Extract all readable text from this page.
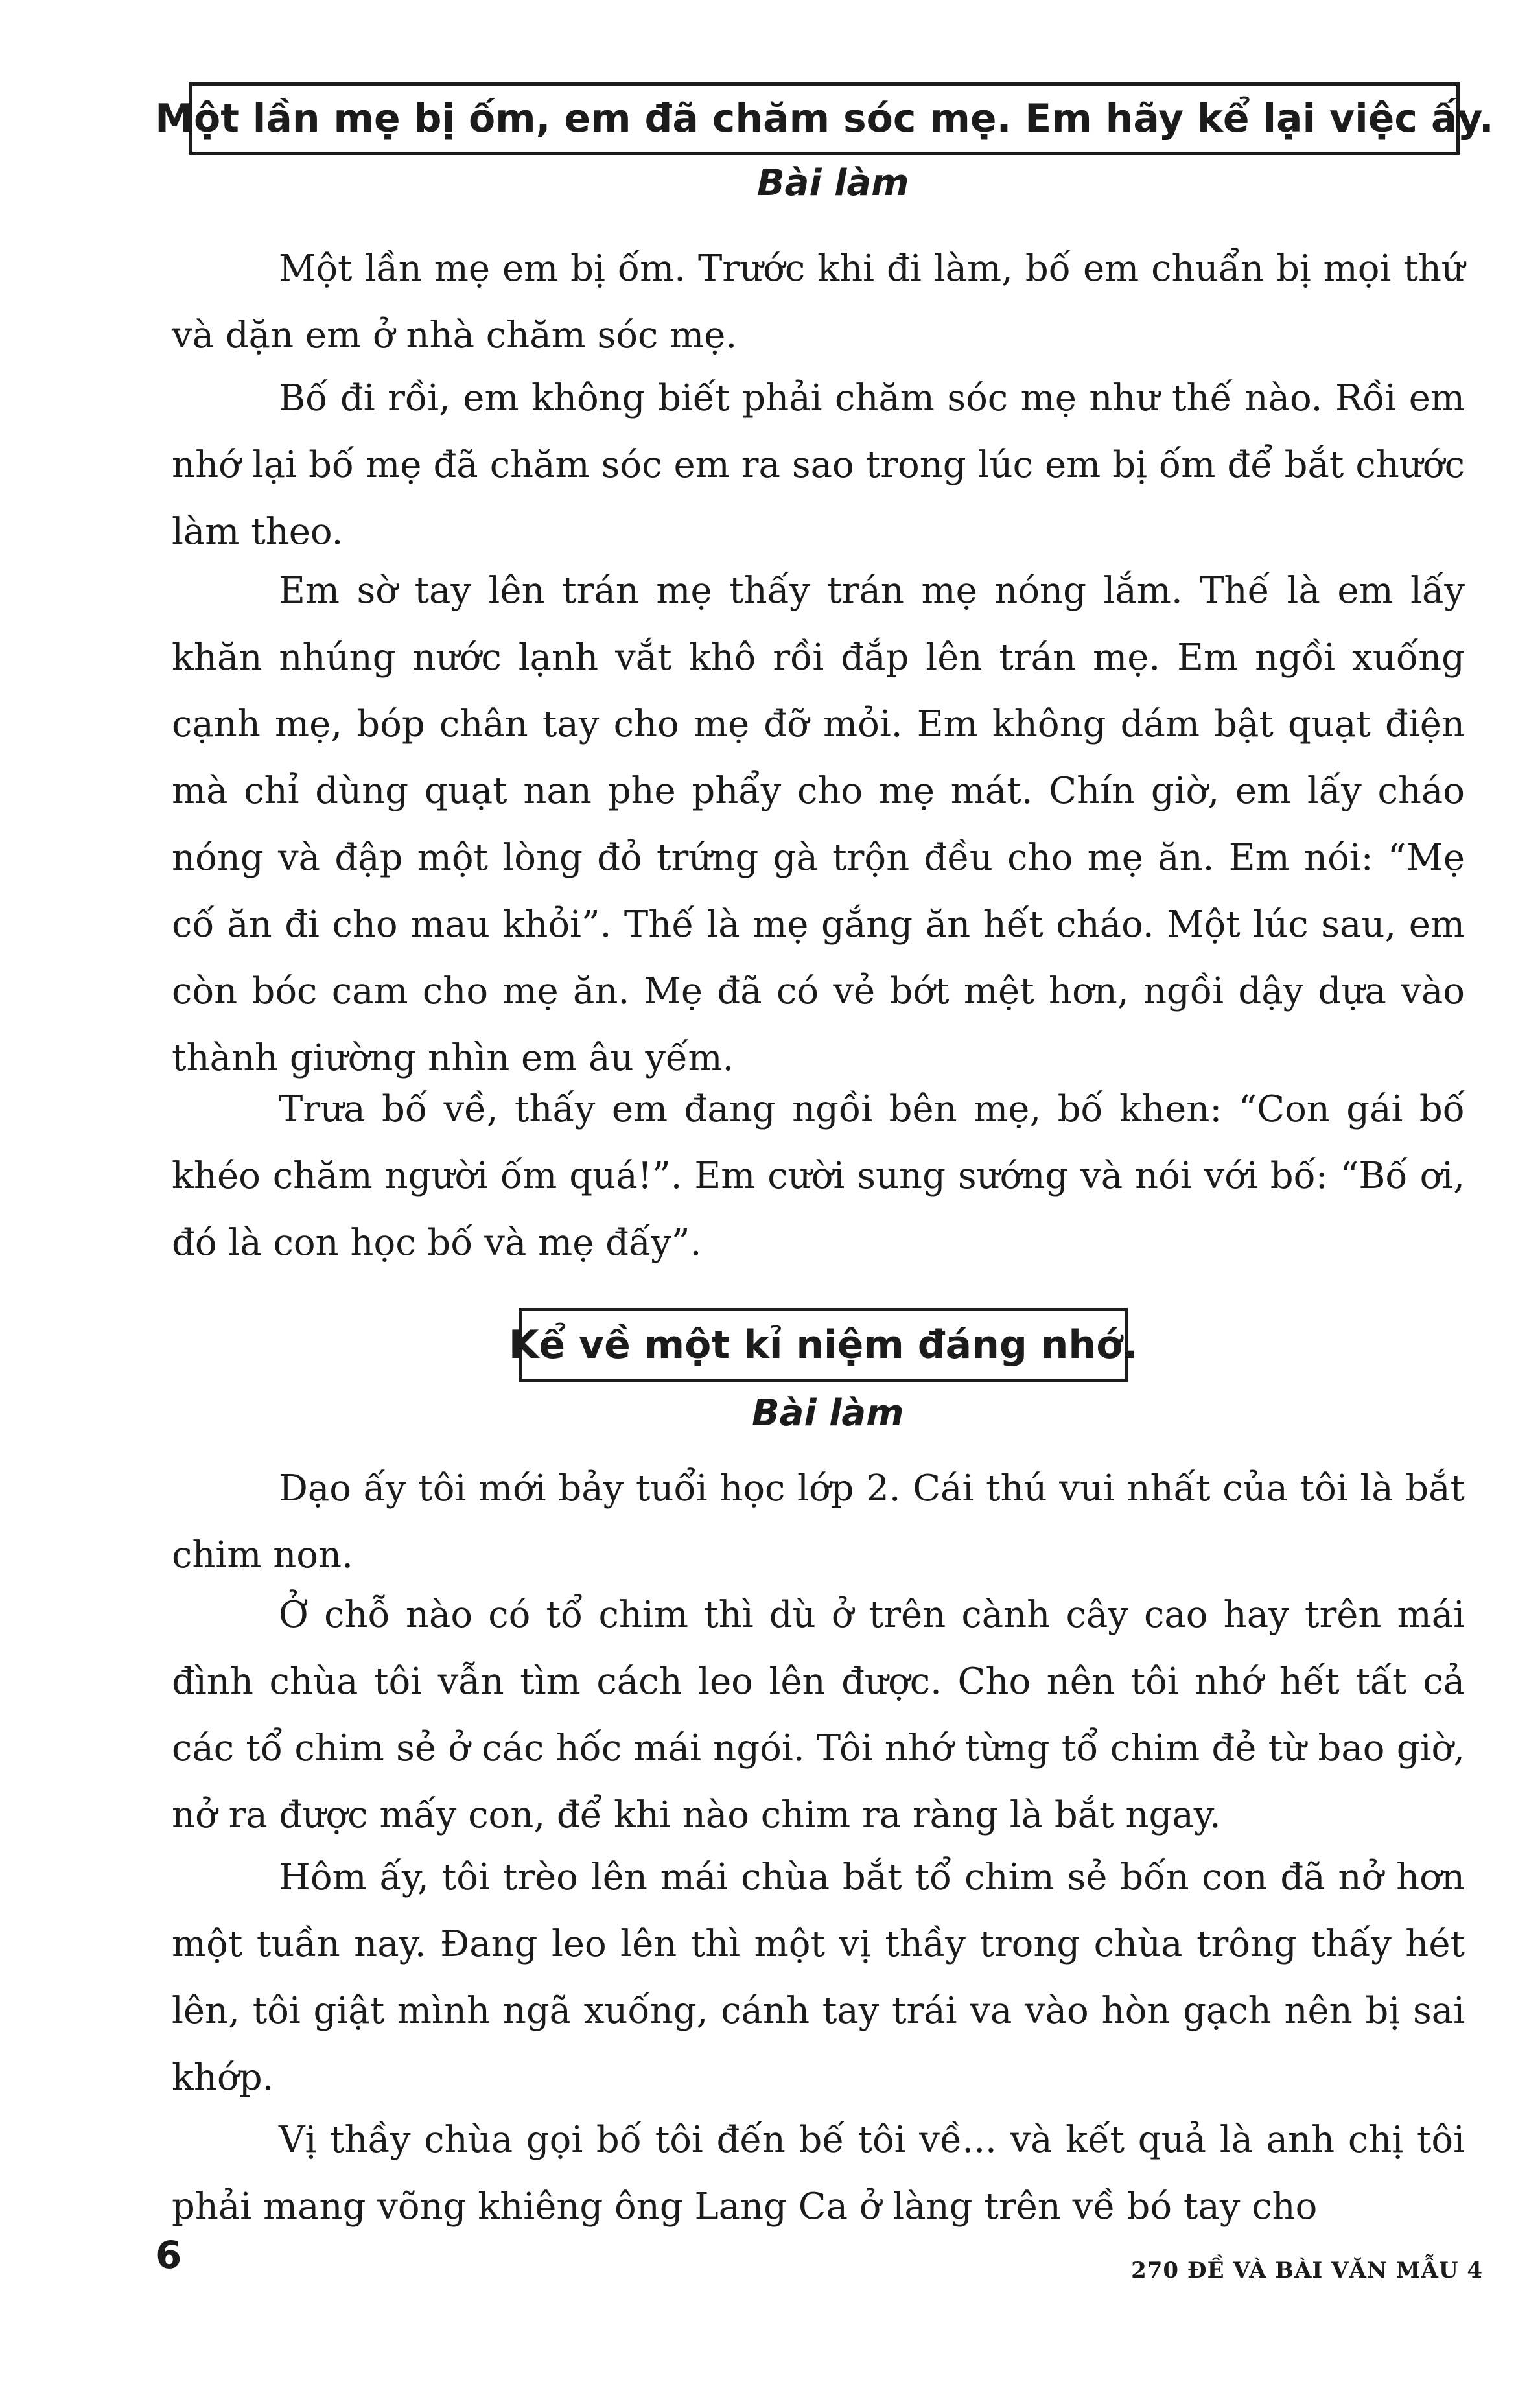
Một lần mẹ bị ốm, em đã chăm sóc mẹ. Em hãy kể lại việc ấy.
Bài làm

Một lần mẹ em bị ốm. Trước khi đi làm, bố em chuẩn bị mọi thứ và dặn em ở nhà chăm sóc mẹ.

Bố đi rồi, em không biết phải chăm sóc mẹ như thế nào. Rồi em nhớ lại bố mẹ đã chăm sóc em ra sao trong lúc em bị ốm để bắt chước làm theo.

Em sờ tay lên trán mẹ thấy trán mẹ nóng lắm. Thế là em lấy khăn nhúng nước lạnh vắt khô rồi đắp lên trán mẹ. Em ngồi xuống cạnh mẹ, bóp chân tay cho mẹ đỡ mỏi. Em không dám bật quạt điện mà chỉ dùng quạt nan phe phẩy cho mẹ mát. Chín giờ, em lấy cháo nóng và đập một lòng đỏ trứng gà trộn đều cho mẹ ăn. Em nói: “Mẹ cố ăn đi cho mau khỏi”. Thế là mẹ gắng ăn hết cháo. Một lúc sau, em còn bóc cam cho mẹ ăn. Mẹ đã có vẻ bớt mệt hơn, ngồi dậy dựa vào thành giường nhìn em âu yếm.

Trưa bố về, thấy em đang ngồi bên mẹ, bố khen: “Con gái bố khéo chăm người ốm quá!”. Em cười sung sướng và nói với bố: “Bố ơi, đó là con học bố và mẹ đấy”.

Kể về một kỉ niệm đáng nhớ.
Bài làm

Dạo ấy tôi mới bảy tuổi học lớp 2. Cái thú vui nhất của tôi là bắt chim non.

Ở chỗ nào có tổ chim thì dù ở trên cành cây cao hay trên mái đình chùa tôi vẫn tìm cách leo lên được. Cho nên tôi nhớ hết tất cả các tổ chim sẻ ở các hốc mái ngói. Tôi nhớ từng tổ chim đẻ từ bao giờ, nở ra được mấy con, để khi nào chim ra ràng là bắt ngay.

Hôm ấy, tôi trèo lên mái chùa bắt tổ chim sẻ bốn con đã nở hơn một tuần nay. Đang leo lên thì một vị thầy trong chùa trông thấy hét lên, tôi giật mình ngã xuống, cánh tay trái va vào hòn gạch nên bị sai khớp.

Vị thầy chùa gọi bố tôi đến bế tôi về... và kết quả là anh chị tôi phải mang võng khiêng ông Lang Ca ở làng trên về bó tay cho

6	270 ĐỀ VÀ BÀI VĂN MẪU 4
